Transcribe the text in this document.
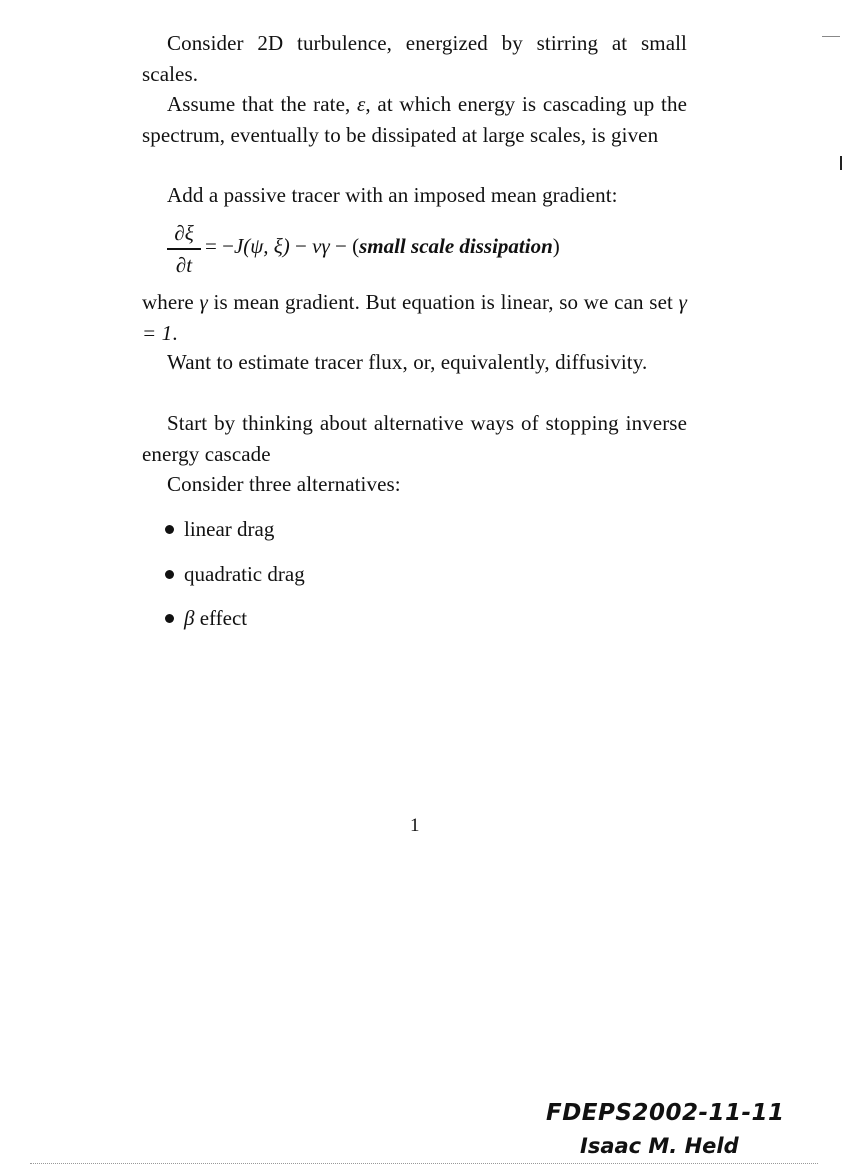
Consider 2D turbulence, energized by stirring at small scales.

Assume that the rate, ε, at which energy is cascading up the spectrum, eventually to be dissipated at large scales, is given

Add a passive tracer with an imposed mean gradient:

∂ξ
∂t
= −J(ψ, ξ) − vγ − (small scale dissipation)

where γ is mean gradient. But equation is linear, so we can set γ = 1.

Want to estimate tracer flux, or, equivalently, diffusivity.

Start by thinking about alternative ways of stopping inverse energy cascade

Consider three alternatives:

linear drag
quadratic drag
β effect
1
FDEPS2002-11-11
Isaac M. Held
